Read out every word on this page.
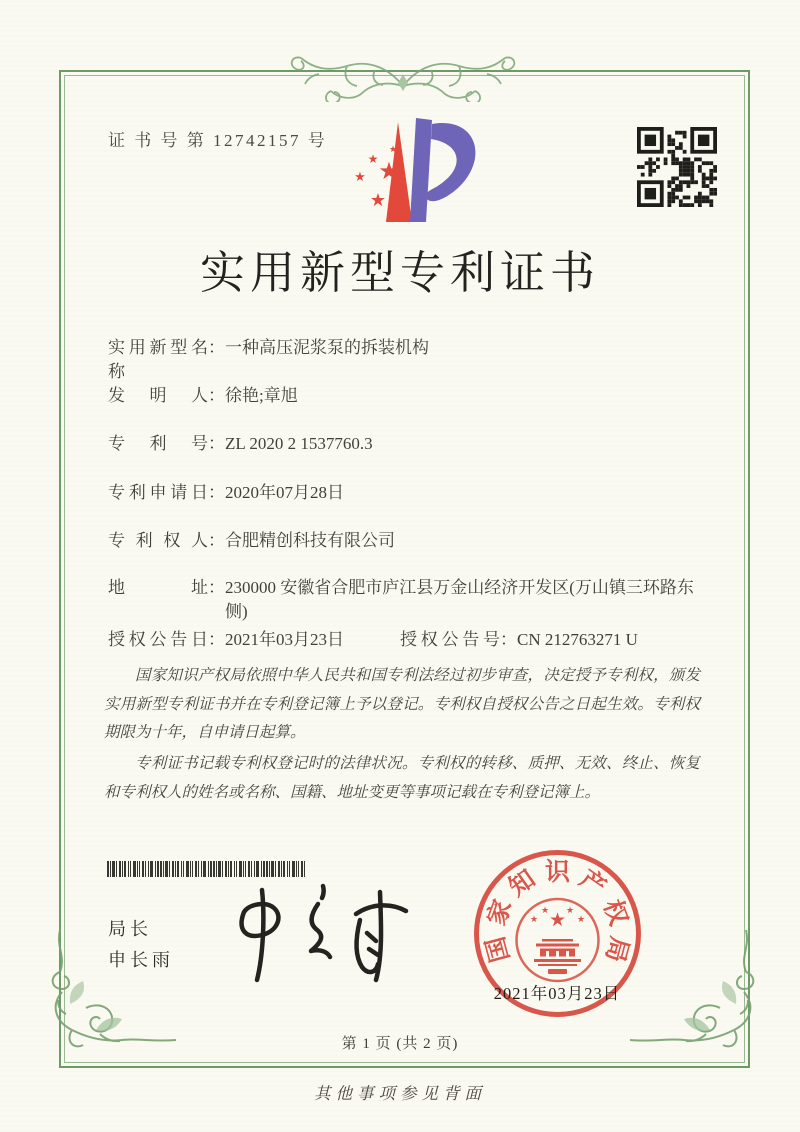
证 书 号 第 12742157 号	★
★
★ ★
★
实用新型专利证书
实用新型名称
： 一种高压泥浆泵的拆装机构
发明人 ： 徐艳;章旭
专利号 ： ZL 2020 2 1537760.3
专利申请日 ： 2020年07月28日
专利权人 ： 合肥精创科技有限公司
地址 ： 230000 安徽省合肥市庐江县万金山经济开发区(万山镇三环路东侧)
授权公告日 ： 2021年03月23日	授权公告号 ： CN 212763271 U

国家知识产权局依照中华人民共和国专利法经过初步审查，决定授予专利权，颁发实用新型专利证书并在专利登记簿上予以登记。专利权自授权公告之日起生效。专利权期限为十年，自申请日起算。

专利证书记载专利权登记时的法律状况。专利权的转移、质押、无效、终止、恢复和专利权人的姓名或名称、国籍、地址变更等事项记载在专利登记簿上。

局长
申长雨	国
家
知 识 产
权
局
★
★
★ ★
★
2021年03月23日
第 1 页 (共 2 页)
其他事项参见背面
